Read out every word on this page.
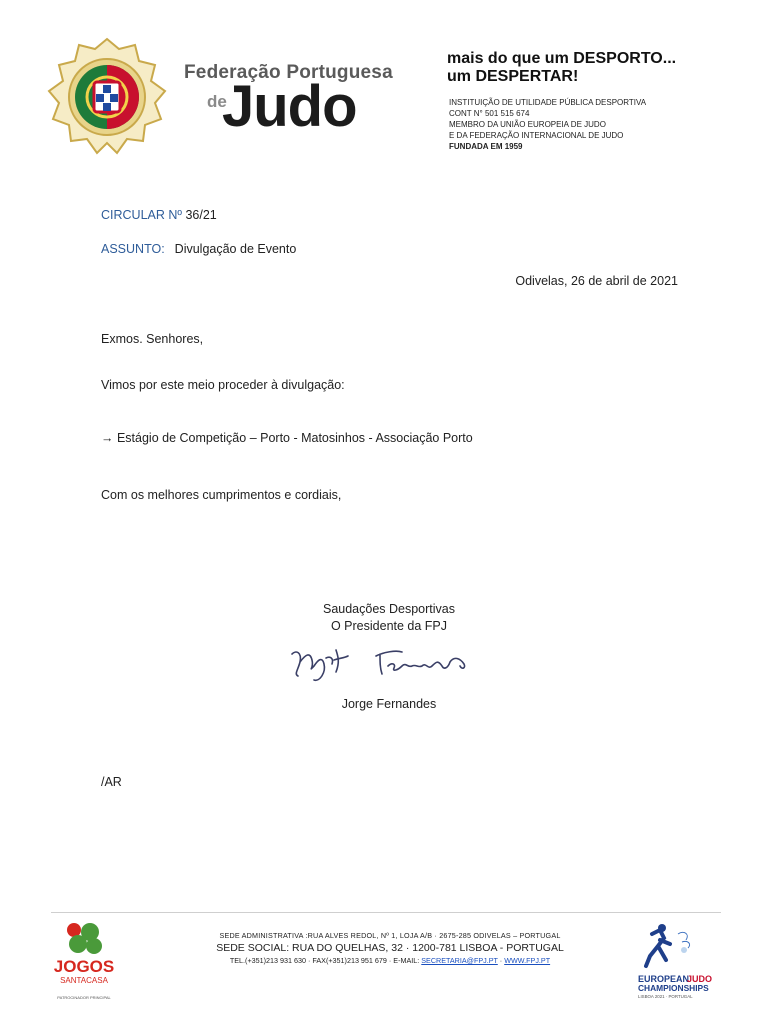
Federação Portuguesa
de
Judo
mais do que um DESPORTO...
um DESPERTAR!
INSTITUIÇÃO DE UTILIDADE PÚBLICA DESPORTIVA
CONT N° 501 515 674
MEMBRO DA UNIÃO EUROPEIA DE JUDO
E DA FEDERAÇÃO INTERNACIONAL DE JUDO
FUNDADA EM 1959
CIRCULAR Nº 36/21
ASSUNTO: Divulgação de Evento
Odivelas, 26 de abril de 2021
Exmos. Senhores,
Vimos por este meio proceder à divulgação:
→ Estágio de Competição – Porto - Matosinhos - Associação Porto
Com os melhores cumprimentos e cordiais,
Saudações Desportivas
O Presidente da FPJ
Jorge Fernandes
/AR
JOGOS
SANTACASA
PATROCINADOR PRINCIPAL
SEDE ADMINISTRATIVA :RUA ALVES REDOL, Nº 1, LOJA A/B · 2675-285 ODIVELAS – PORTUGAL
SEDE SOCIAL: RUA DO QUELHAS, 32 · 1200-781 LISBOA - PORTUGAL
TEL.(+351)213 931 630 · FAX(+351)213 951 679 · E-MAIL: SECRETARIA@FPJ.PT · WWW.FPJ.PT
EUROPEAN
JUDO
CHAMPIONSHIPS
LISBOA 2021 · PORTUGAL
